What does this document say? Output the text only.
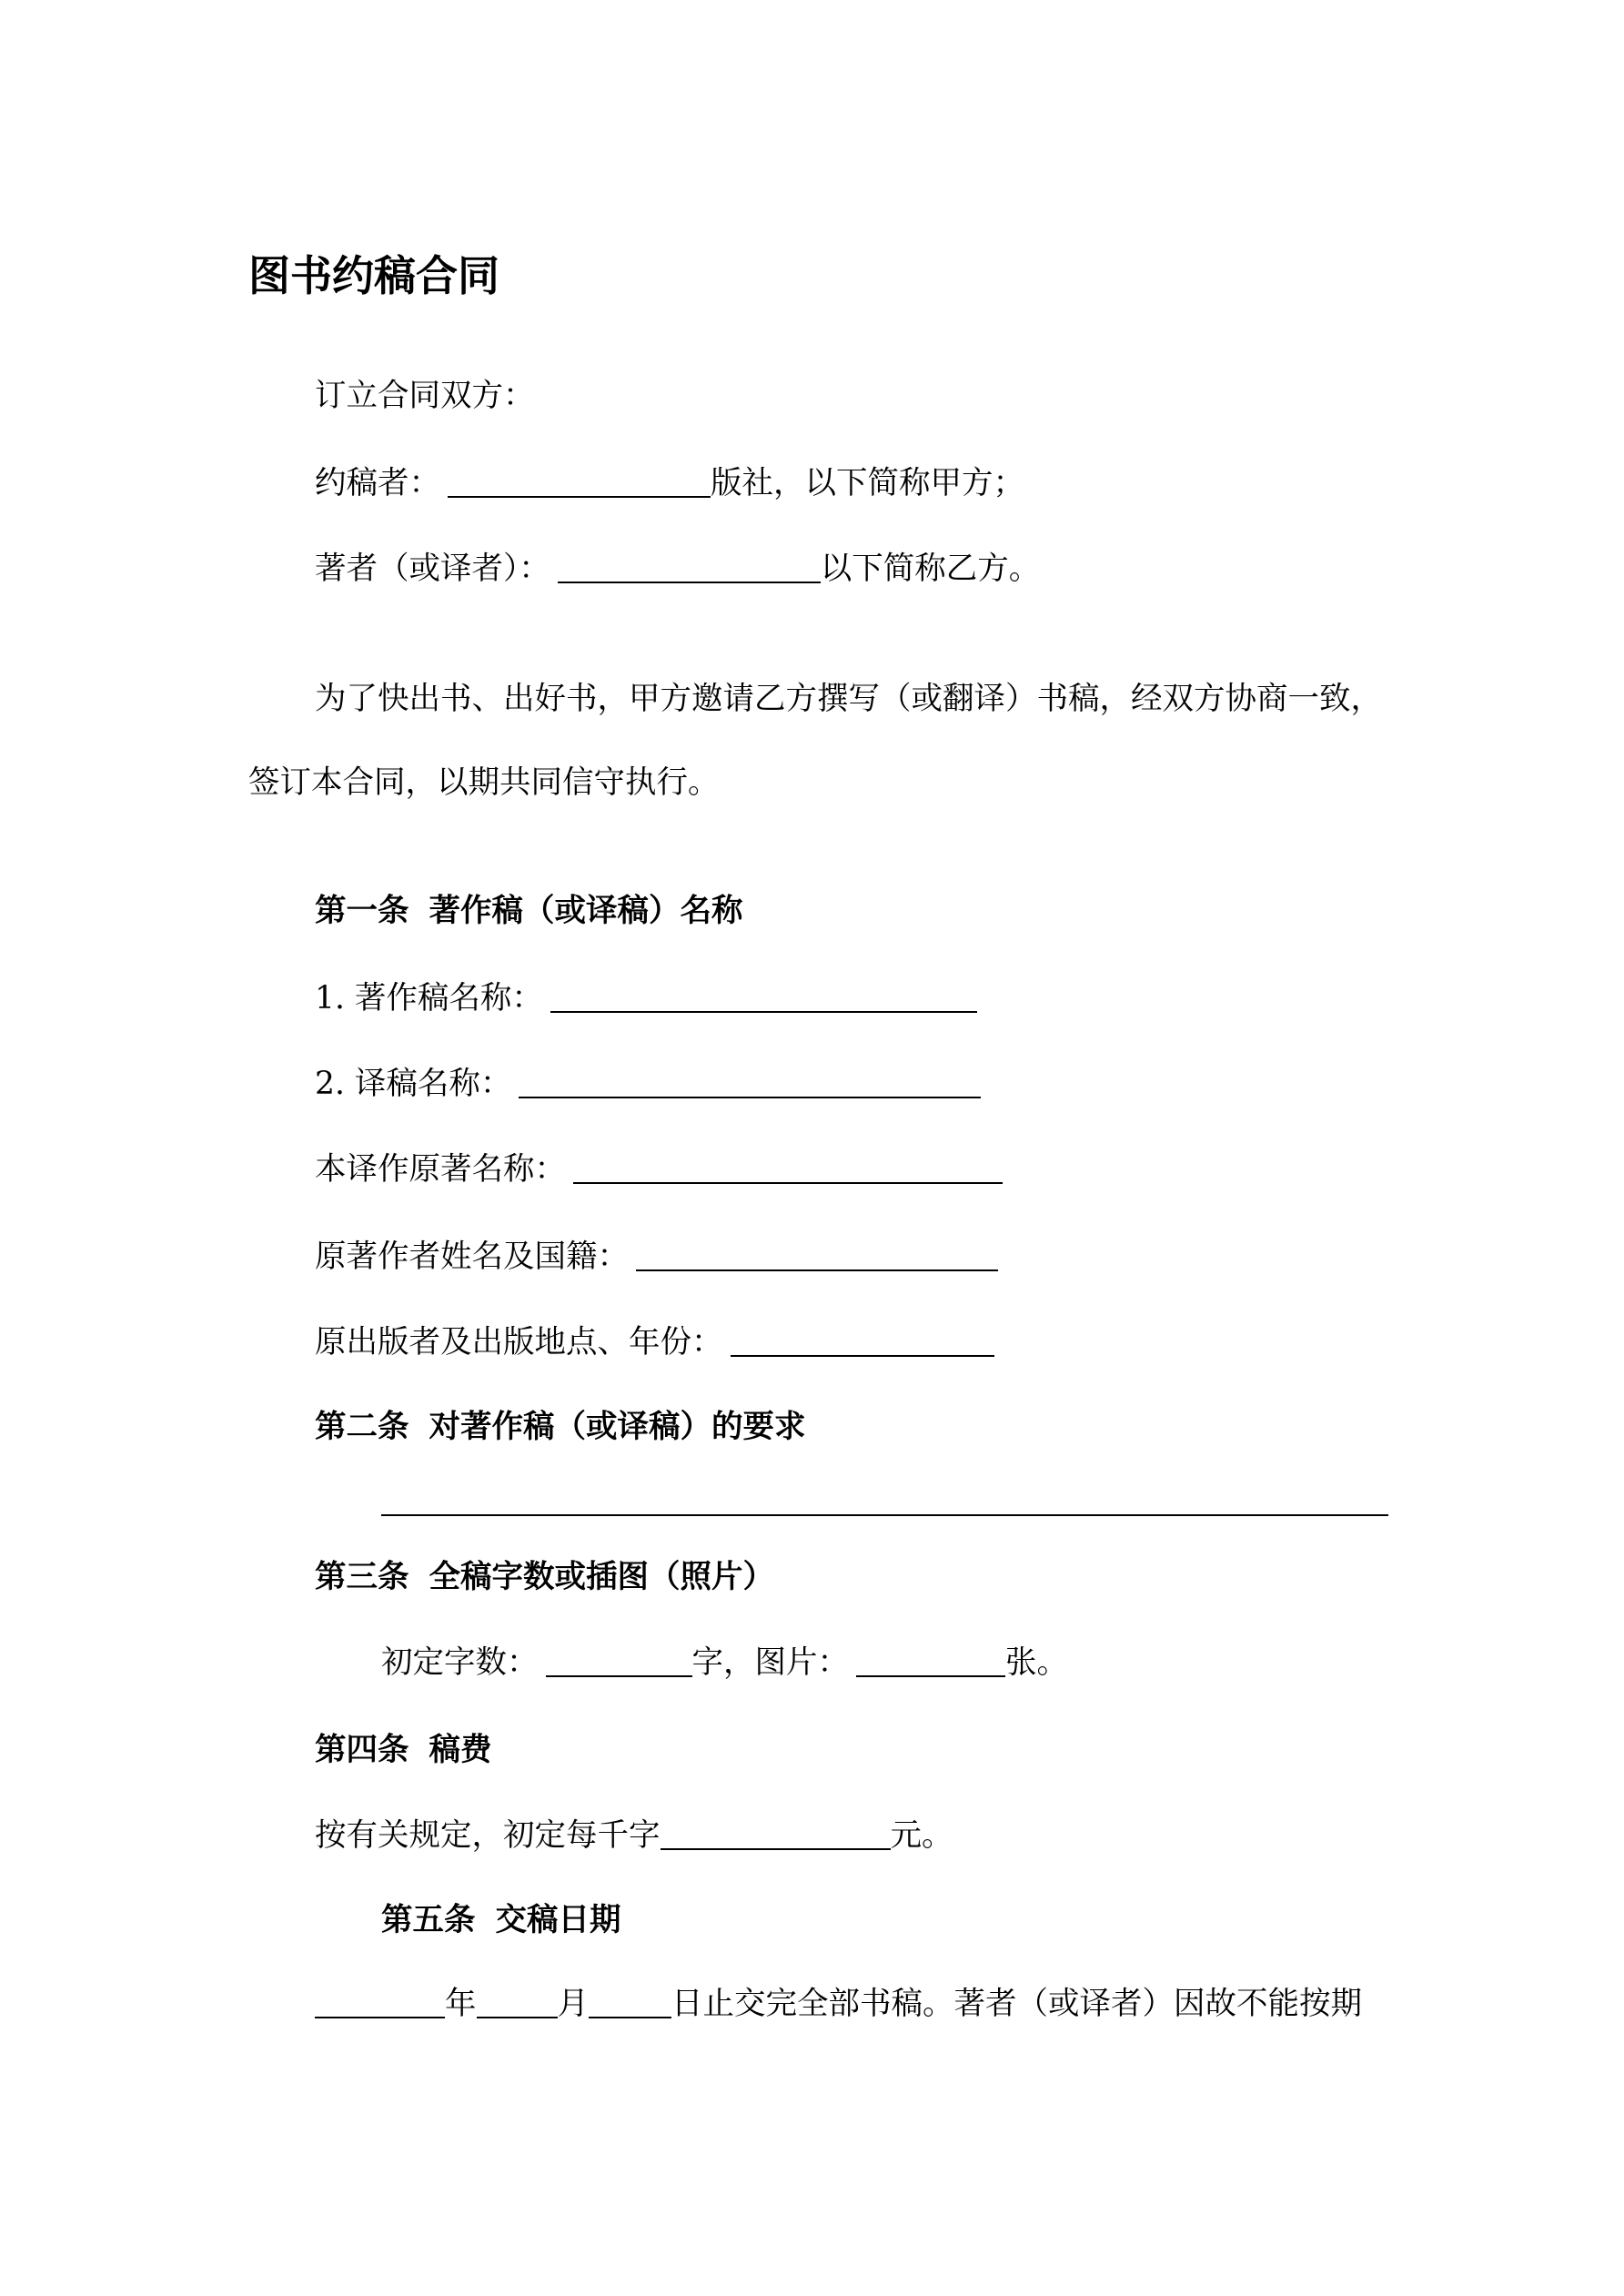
图书约稿合同
订立合同双方：
约稿者：	版社，以下简称甲方；
著者（或译者）：	以下简称乙方。
为了快出书、出好书，甲方邀请乙方撰写（或翻译）书稿，经双方协商一致，
签订本合同，以期共同信守执行。
第一条 著作稿（或译稿）名称
1. 著作稿名称：
2. 译稿名称：
本译作原著名称：
原著作者姓名及国籍：
原出版者及出版地点、年份：
第二条 对著作稿（或译稿）的要求
第三条 全稿字数或插图（照片）
初定字数：	字，图片：	张。
第四条 稿费
按有关规定，初定每千字	元。
第五条 交稿日期
年	月	日止交完全部书稿。著者（或译者）因故不能按期
